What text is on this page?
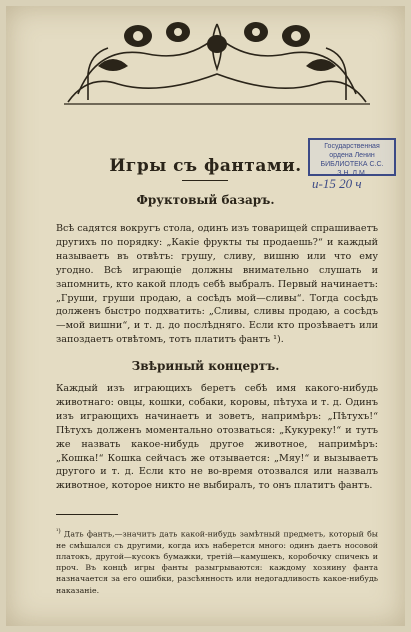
Государственная
ордена Ленин
БИБЛИОТЕКА С.С.
З Н. Л М.
и-15 20 ч
Игры съ фантами.
Фруктовый базаръ.
Всѣ садятся вокругъ стола, одинъ изъ товарищей спрашиваетъ другихъ по порядку: „Какіе фрукты ты продаешь?“ и каждый называетъ въ отвѣтъ: грушу, сливу, вишню или что ему угодно. Всѣ играющіе должны внимательно слушать и запомнить, кто какой плодъ себѣ выбралъ. Первый начинаетъ: „Груши, груши продаю, а сосѣдъ мой—сливы“. Тогда сосѣдъ долженъ быстро подхватить: „Сливы, сливы продаю, а сосѣдъ—мой вишни“, и т. д. до послѣдняго. Если кто прозѣваетъ или запоздаетъ отвѣтомъ, тотъ платитъ фантъ ¹).
Звѣриный концертъ.
Каждый изъ играющихъ беретъ себѣ имя какого-нибудь животнаго: овцы, кошки, собаки, коровы, пѣтуха и т. д. Одинъ изъ играющихъ начинаетъ и зоветъ, напримѣръ: „Пѣтухъ!“ Пѣтухъ долженъ моментально отозваться: „Кукуреку!“ и тутъ же назвать какое-нибудь другое животное, напримѣръ: „Кошка!“ Кошка сейчасъ же отзывается: „Мяу!“ и вызываетъ другого и т. д. Если кто не во-время отозвался или назвалъ животное, которое никто не выбиралъ, то онъ платитъ фантъ.
$^{^1)}$ Дать фантъ,—значитъ дать какой-нибудь замѣтный предметъ, который бы не смѣшался съ другими, когда ихъ наберется много: одинъ даетъ носовой платокъ, другой—кусокъ бумажки, третій—камушекъ, коробочку спичекъ и проч. Въ концѣ игры фанты разыгрываются: каждому хозяину фанта назначается за его ошибки, разсѣянность или недогадливость какое-нибудь наказаніе.
